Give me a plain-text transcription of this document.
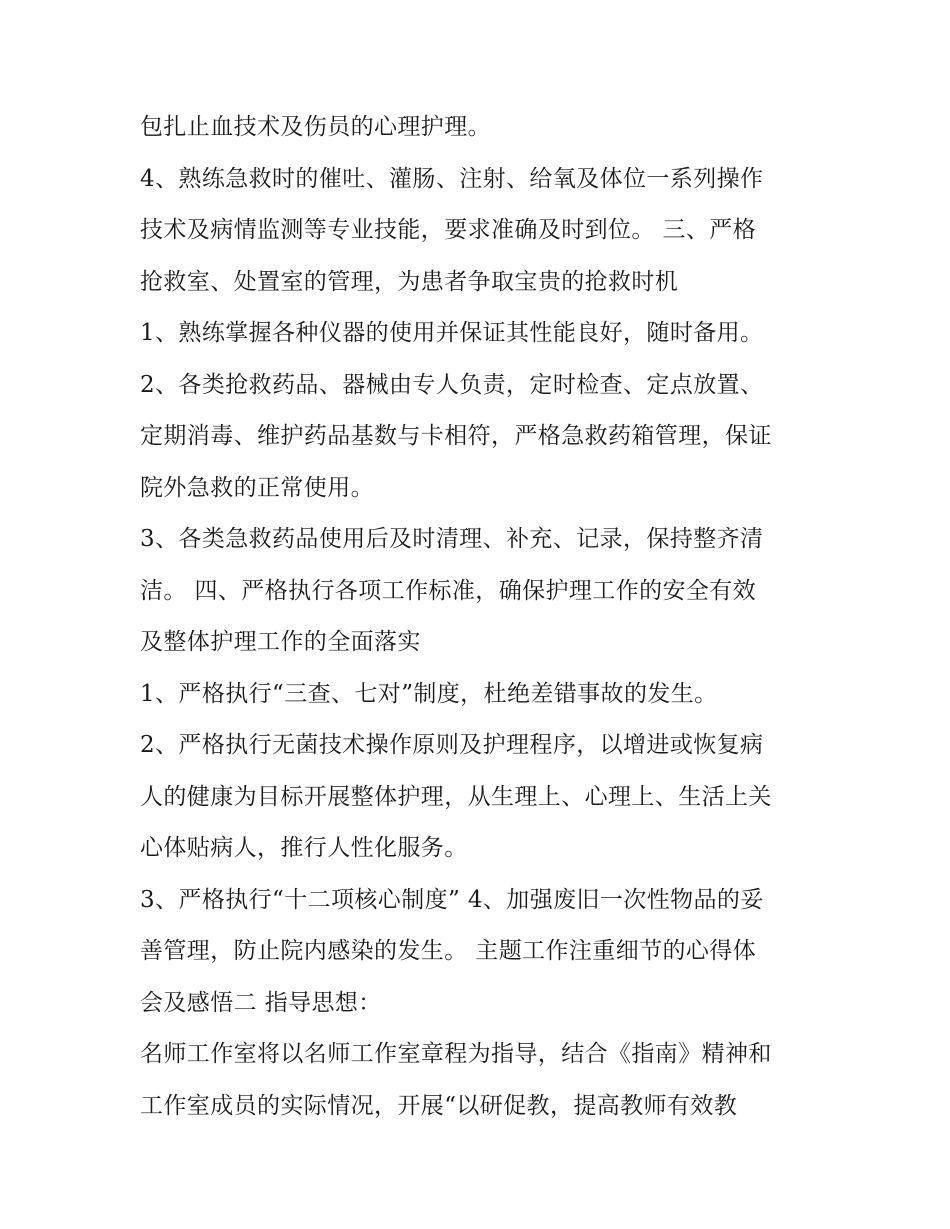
包扎止血技术及伤员的心理护理。
4、熟练急救时的催吐、灌肠、注射、给氧及体位一系列操作
技术及病情监测等专业技能，要求准确及时到位。 三、严格
抢救室、处置室的管理，为患者争取宝贵的抢救时机
1、熟练掌握各种仪器的使用并保证其性能良好，随时备用。
2、各类抢救药品、器械由专人负责，定时检查、定点放置、
定期消毒、维护药品基数与卡相符，严格急救药箱管理，保证
院外急救的正常使用。
3、各类急救药品使用后及时清理、补充、记录，保持整齐清
洁。 四、严格执行各项工作标准，确保护理工作的安全有效
及整体护理工作的全面落实
1、严格执行“三查、七对”制度，杜绝差错事故的发生。
2、严格执行无菌技术操作原则及护理程序，以增进或恢复病
人的健康为目标开展整体护理，从生理上、心理上、生活上关
心体贴病人，推行人性化服务。
3、严格执行“十二项核心制度” 4、加强废旧一次性物品的妥
善管理，防止院内感染的发生。 主题工作注重细节的心得体
会及感悟二 指导思想：
名师工作室将以名师工作室章程为指导，结合《指南》精神和
工作室成员的实际情况，开展“以研促教，提高教师有效教
